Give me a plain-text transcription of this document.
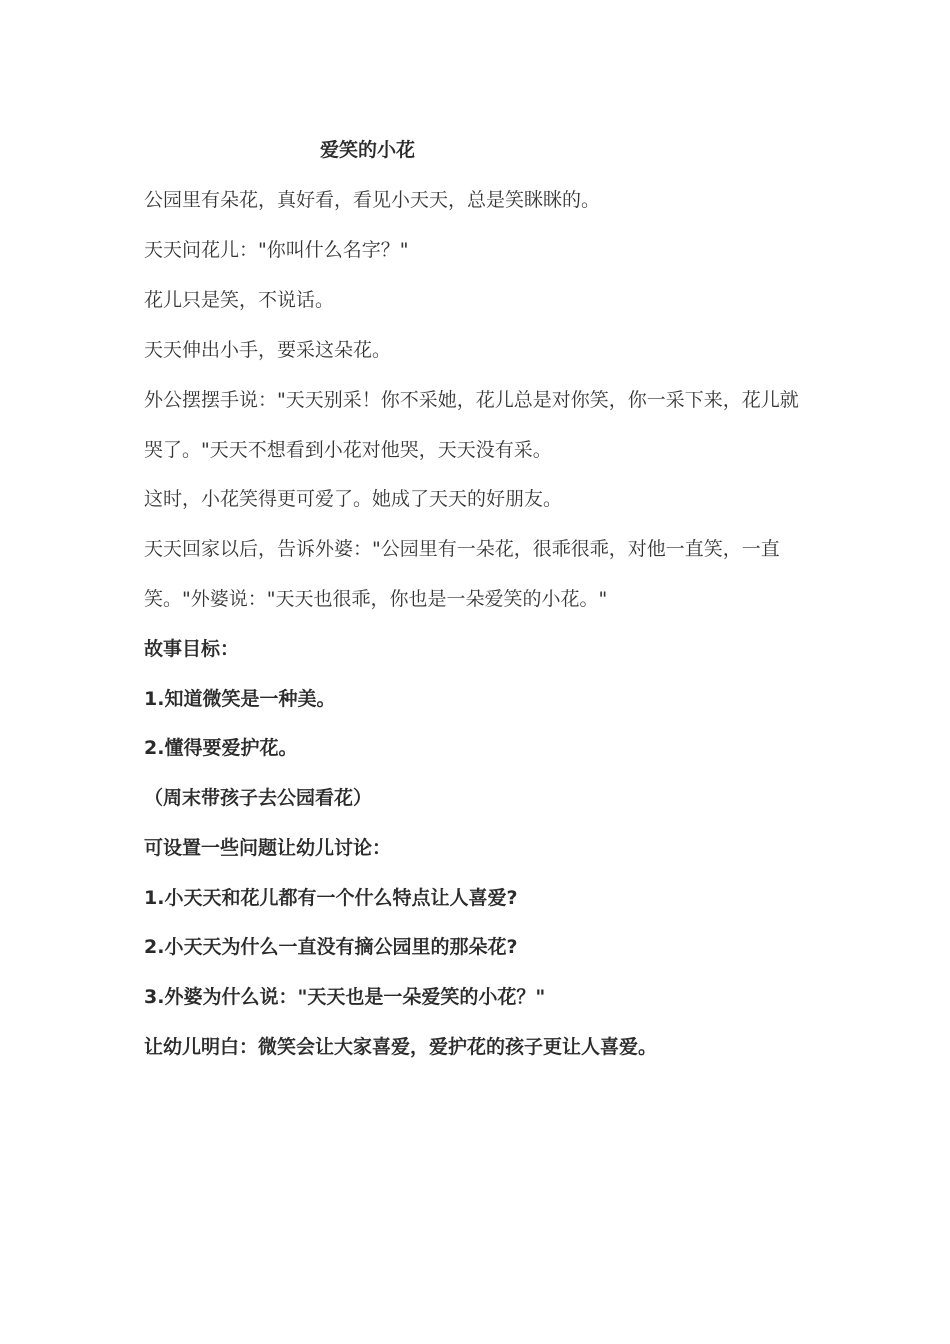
爱笑的小花
公园里有朵花，真好看，看见小天天，总是笑眯眯的。
天天问花儿："你叫什么名字？"
花儿只是笑，不说话。
天天伸出小手，要采这朵花。
外公摆摆手说："天天别采！你不采她，花儿总是对你笑，你一采下来，花儿就
哭了。"天天不想看到小花对他哭，天天没有采。
这时，小花笑得更可爱了。她成了天天的好朋友。
天天回家以后，告诉外婆："公园里有一朵花，很乖很乖，对他一直笑，一直
笑。"外婆说："天天也很乖，你也是一朵爱笑的小花。"
故事目标：
1.知道微笑是一种美。
2.懂得要爱护花。
（周末带孩子去公园看花）
可设置一些问题让幼儿讨论：
1.小天天和花儿都有一个什么特点让人喜爱?
2.小天天为什么一直没有摘公园里的那朵花?
3.外婆为什么说："天天也是一朵爱笑的小花？"
让幼儿明白：微笑会让大家喜爱，爱护花的孩子更让人喜爱。
